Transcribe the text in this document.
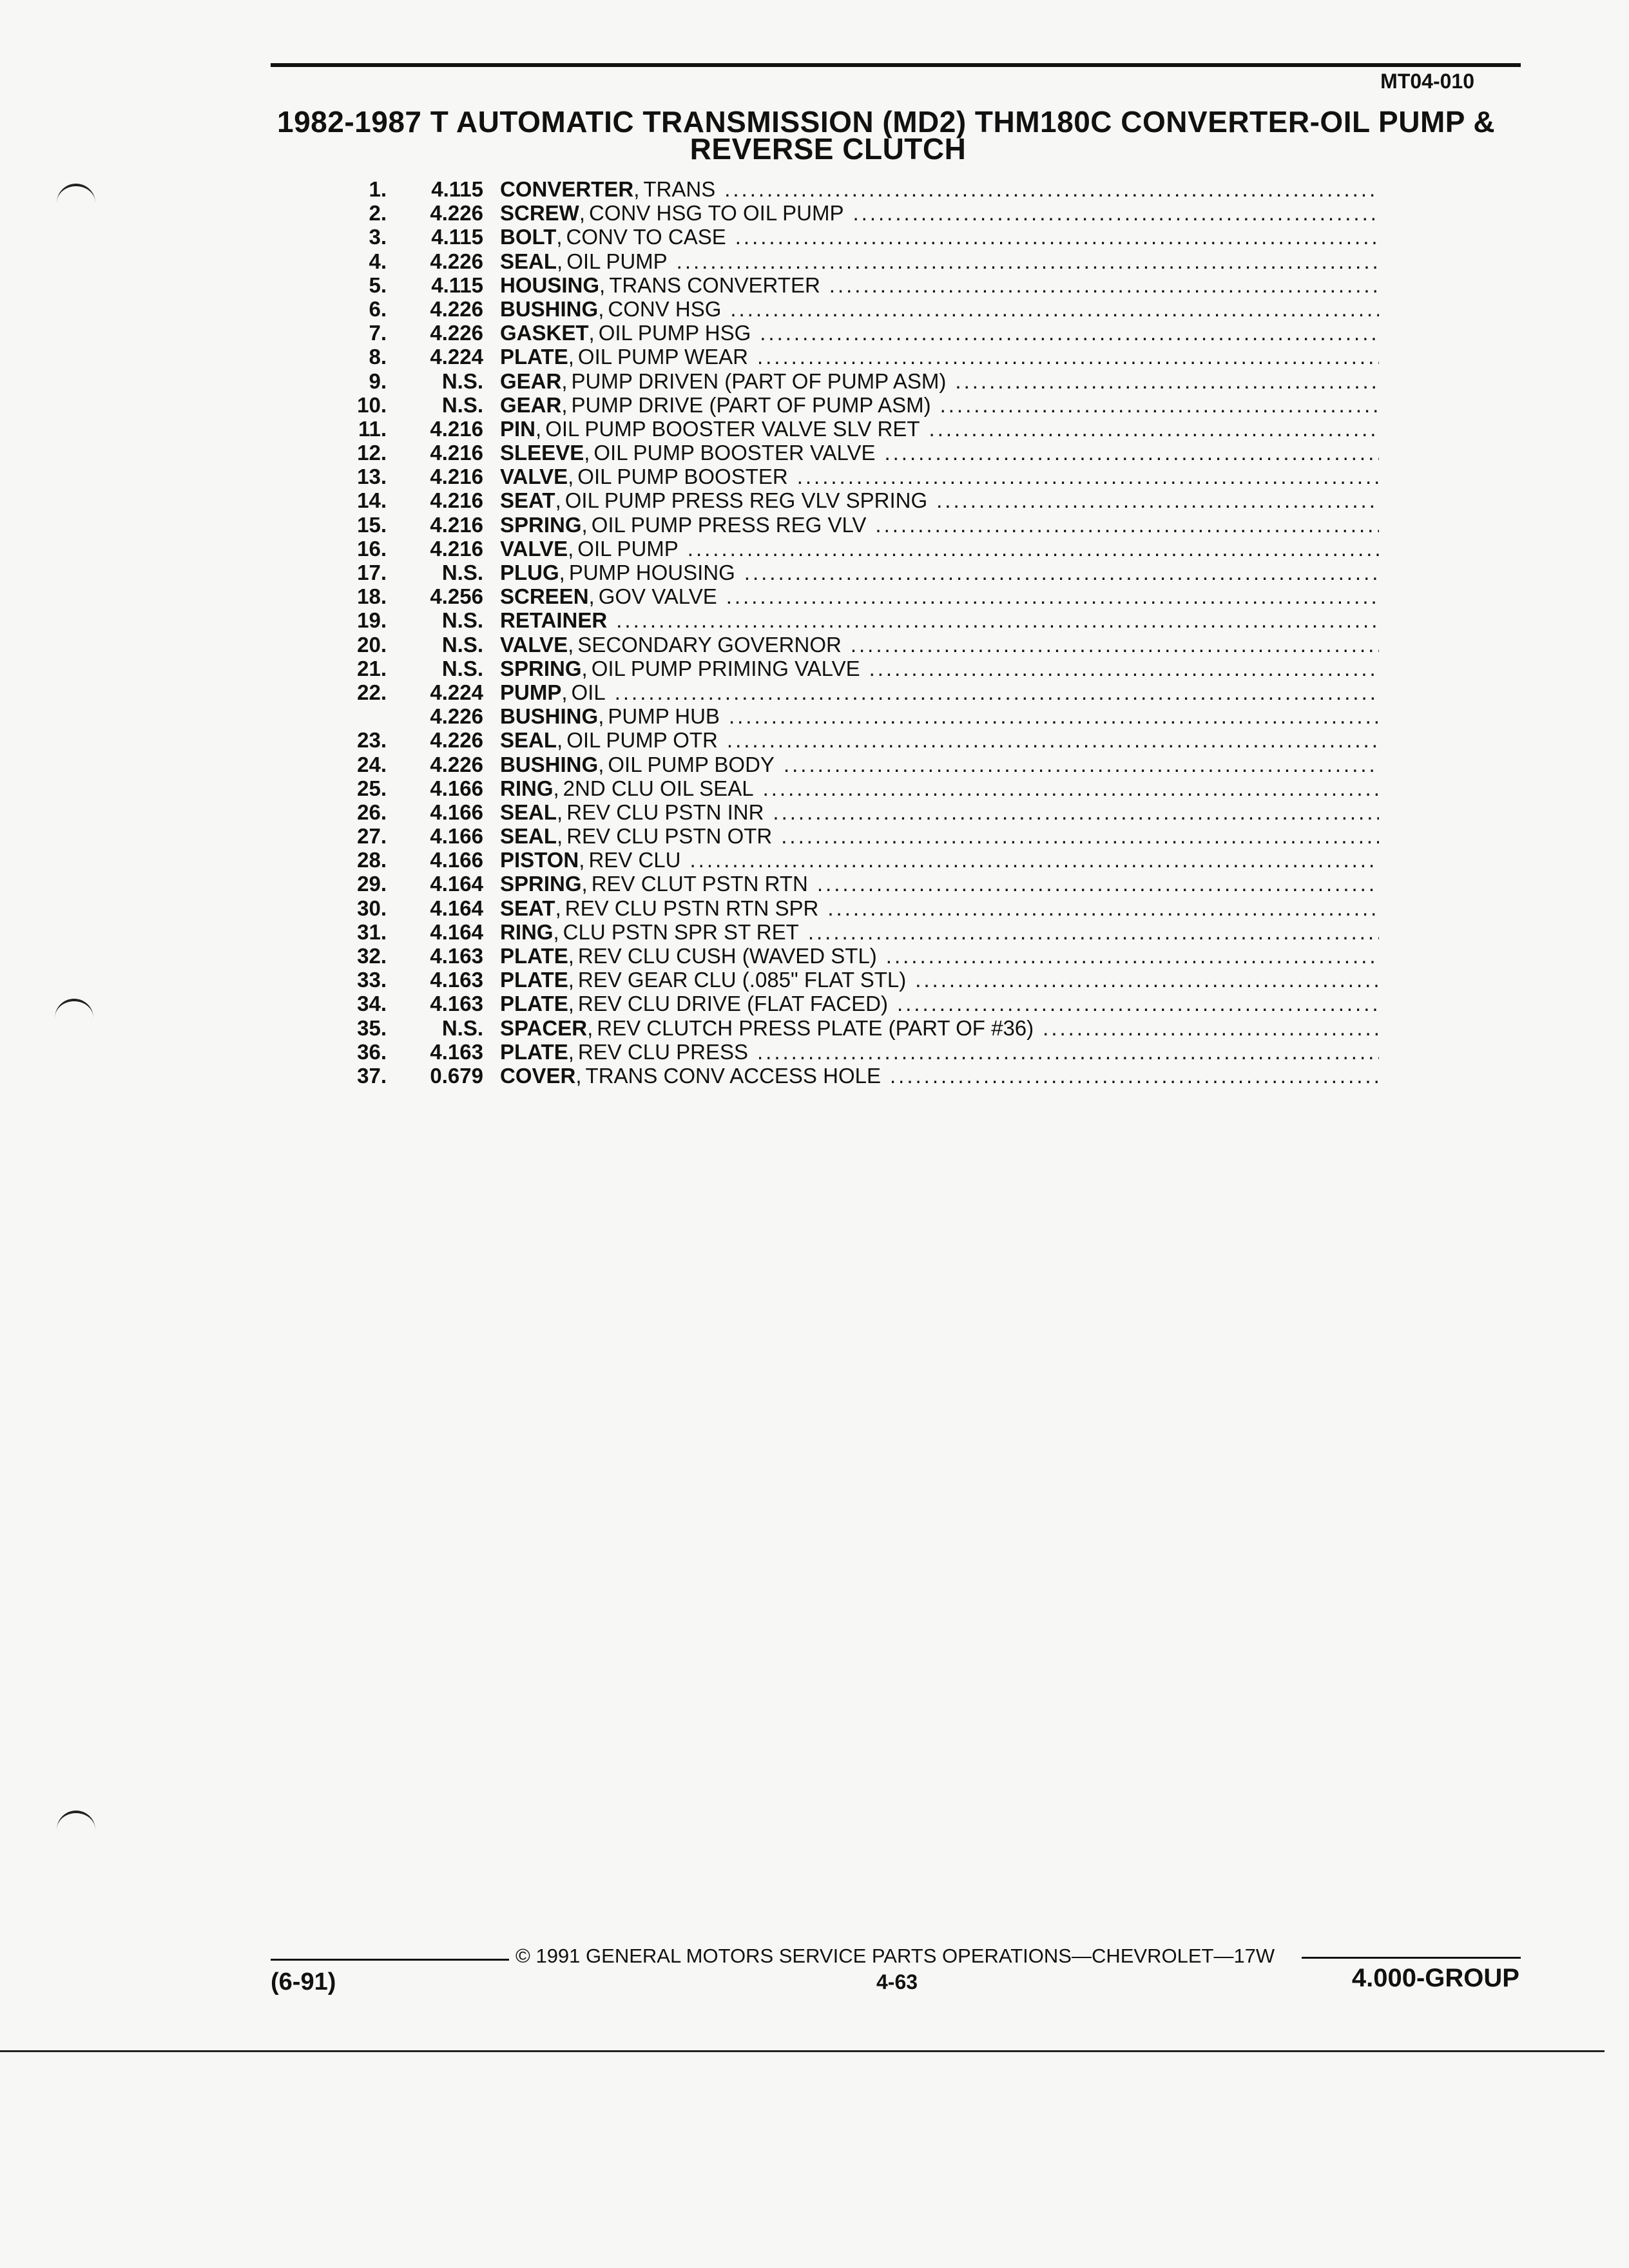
MT04-010
1982-1987 T AUTOMATIC TRANSMISSION (MD2) THM180C CONVERTER-OIL PUMP &
REVERSE CLUTCH
1.	4.115 CONVERTER , TRANS
.....
2.	4.226 SCREW , CONV HSG TO OIL PUMP
.....
3.	4.115 BOLT , CONV TO CASE
.....
4.	4.226 SEAL , OIL PUMP
.....
5.	4.115 HOUSING , TRANS CONVERTER
.....
6.	4.226 BUSHING , CONV HSG
.....
7.	4.226 GASKET , OIL PUMP HSG
.....
8.	4.224 PLATE , OIL PUMP WEAR
.....
9.	N.S. GEAR , PUMP DRIVEN (PART OF PUMP ASM)
.....
10.	N.S. GEAR , PUMP DRIVE (PART OF PUMP ASM)
.....
11.	4.216 PIN , OIL PUMP BOOSTER VALVE SLV RET
.....
12.	4.216 SLEEVE , OIL PUMP BOOSTER VALVE
.....
13.	4.216 VALVE , OIL PUMP BOOSTER
.....
14.	4.216 SEAT , OIL PUMP PRESS REG VLV SPRING
.....
15.	4.216 SPRING , OIL PUMP PRESS REG VLV
.....
16.	4.216 VALVE , OIL PUMP
.....
17.	N.S. PLUG , PUMP HOUSING
.....
18.	4.256 SCREEN , GOV VALVE
.....
19.	N.S. RETAINER
.....
20.	N.S. VALVE , SECONDARY GOVERNOR
.....
21.	N.S. SPRING , OIL PUMP PRIMING VALVE
.....
22.	4.224 PUMP , OIL
.....
4.226 BUSHING , PUMP HUB
.....
23.	4.226 SEAL , OIL PUMP OTR
.....
24.	4.226 BUSHING , OIL PUMP BODY
.....
25.	4.166 RING , 2ND CLU OIL SEAL
.....
26.	4.166 SEAL , REV CLU PSTN INR
.....
27.	4.166 SEAL , REV CLU PSTN OTR
.....
28.	4.166 PISTON , REV CLU
.....
29.	4.164 SPRING , REV CLUT PSTN RTN
.....
30.	4.164 SEAT , REV CLU PSTN RTN SPR
.....
31.	4.164 RING , CLU PSTN SPR ST RET
.....
32.	4.163 PLATE , REV CLU CUSH (WAVED STL)
.....
33.	4.163 PLATE , REV GEAR CLU (.085" FLAT STL)
.....
34.	4.163 PLATE , REV CLU DRIVE (FLAT FACED)
.....
35.	N.S. SPACER , REV CLUTCH PRESS PLATE (PART OF #36)
.....
36.	4.163 PLATE , REV CLU PRESS
.....
37.	0.679 COVER , TRANS CONV ACCESS HOLE
.....
© 1991 GENERAL MOTORS SERVICE PARTS OPERATIONS—CHEVROLET—17W
(6-91)	4-63	4.000-GROUP
